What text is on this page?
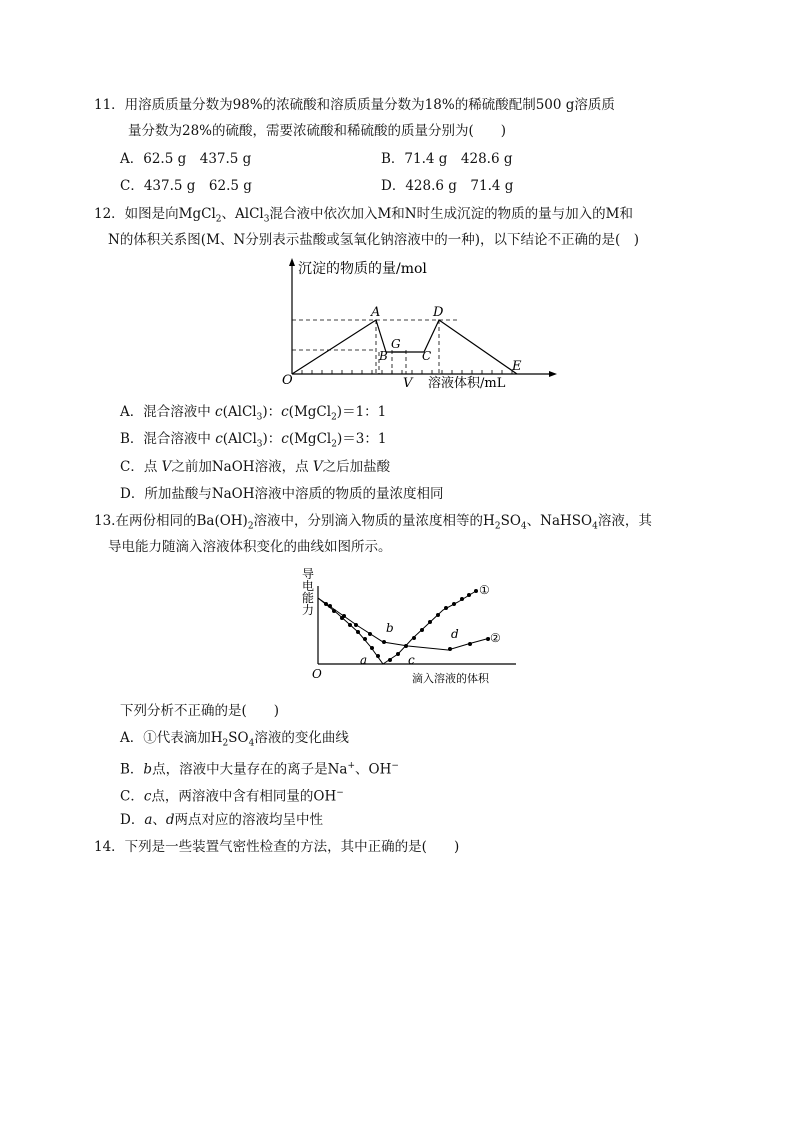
11．用溶质质量分数为98%的浓硫酸和溶质质量分数为18%的稀硫酸配制500 g溶质质
量分数为28%的硫酸，需要浓硫酸和稀硫酸的质量分别为(　　)
A．62.5 g　437.5 g	B．71.4 g　428.6 g
C．437.5 g　62.5 g	D．428.6 g　71.4 g
12．如图是向MgCl$_2$、AlCl$_3$混合液中依次加入M和N时生成沉淀的物质的量与加入的M和
N的体积关系图(M、N分别表示盐酸或氢氧化钠溶液中的一种)，以下结论不正确的是(　)
沉淀的物质的量/mol
溶液体积/mL
O
A
B
G
C
D
E
V
A．混合溶液中 c(AlCl$_3$)：c(MgCl$_2$)＝1：1
B．混合溶液中 c(AlCl$_3$)：c(MgCl$_2$)＝3：1
C．点 V之前加NaOH溶液，点 V之后加盐酸
D．所加盐酸与NaOH溶液中溶质的物质的量浓度相同
13.在两份相同的$Ba(OH)_2$溶液中，分别滴入物质的量浓度相等的$H_2SO_4$、NaHSO$_4$溶液，其
导电能力随滴入溶液体积变化的曲线如图所示。
导
电
能
力
滴入溶液的体积
O
①
②
a
b
c
d
下列分析不正确的是(　　)
A．①代表滴加$H_2SO_4$溶液的变化曲线
B．b点，溶液中大量存在的离子是Na+、OH−
C．c点，两溶液中含有相同量的OH−
D．a、d两点对应的溶液均呈中性
14．下列是一些装置气密性检查的方法，其中正确的是(　　)
